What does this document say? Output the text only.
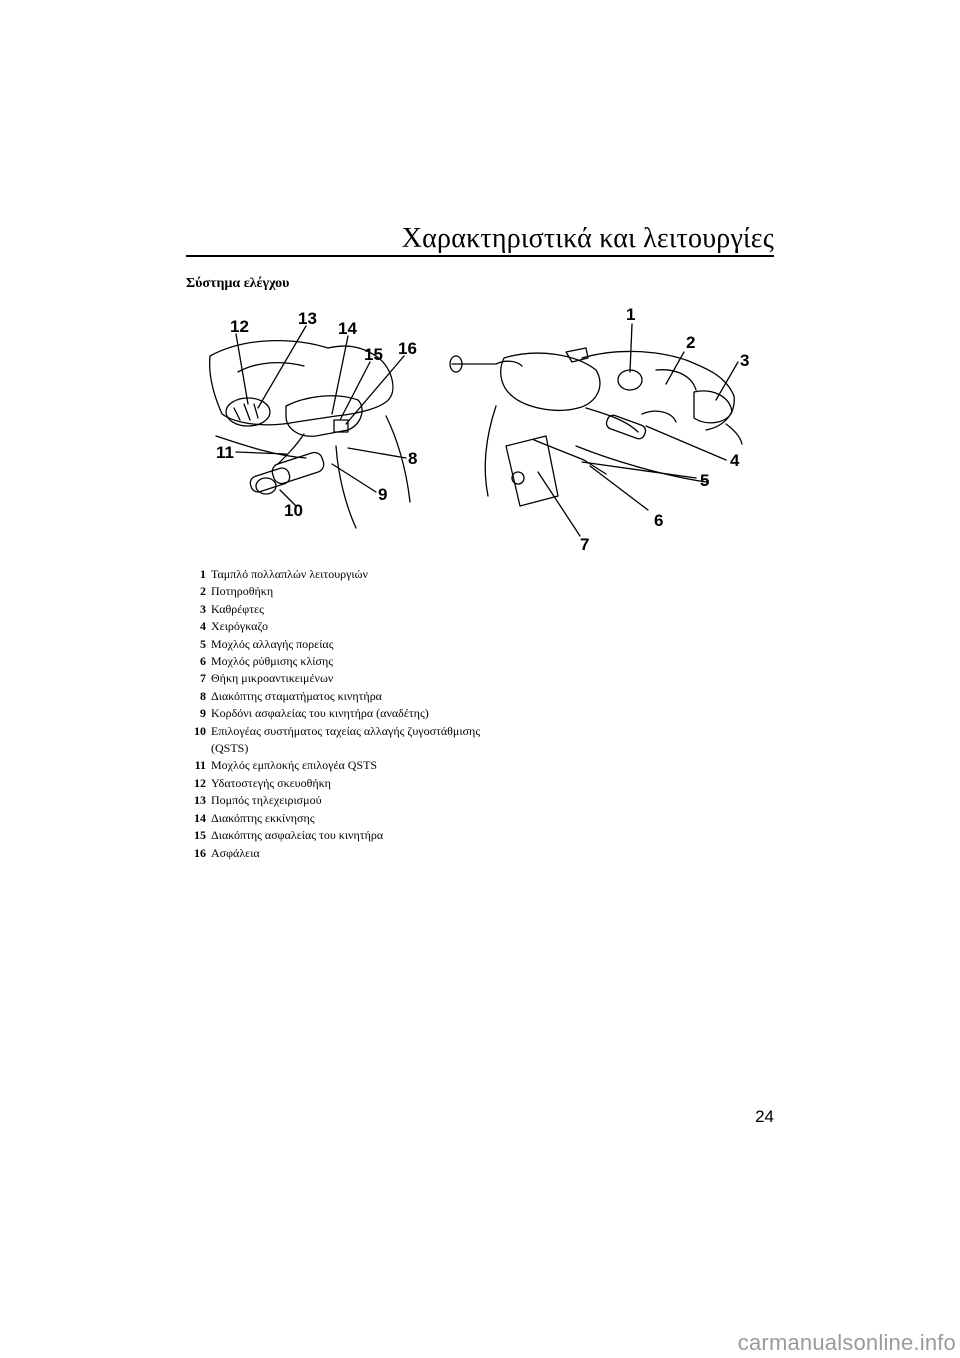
Χαρακτηριστικά και λειτουργίες
Σύστημα ελέγχου
12	13
14
15 16
11	8
9
10
1
2
3
4
5
6
7
1 Ταμπλό πολλαπλών λειτουργιών
2 Ποτηροθήκη
3 Καθρέφτες
4 Χειρόγκαζο
5 Μοχλός αλλαγής πορείας
6 Μοχλός ρύθμισης κλίσης
7 Θήκη μικροαντικειμένων
8 Διακόπτης σταματήματος κινητήρα
9 Κορδόνι ασφαλείας του κινητήρα (αναδέτης)
10 Επιλογέας συστήματος ταχείας αλλαγής ζυγοστάθμισης (QSTS)
11 Μοχλός εμπλοκής επιλογέα QSTS
12 Υδατοστεγής σκευοθήκη
13 Πομπός τηλεχειρισμού
14 Διακόπτης εκκίνησης
15 Διακόπτης ασφαλείας του κινητήρα
16 Ασφάλεια
24
carmanualsonline.info
